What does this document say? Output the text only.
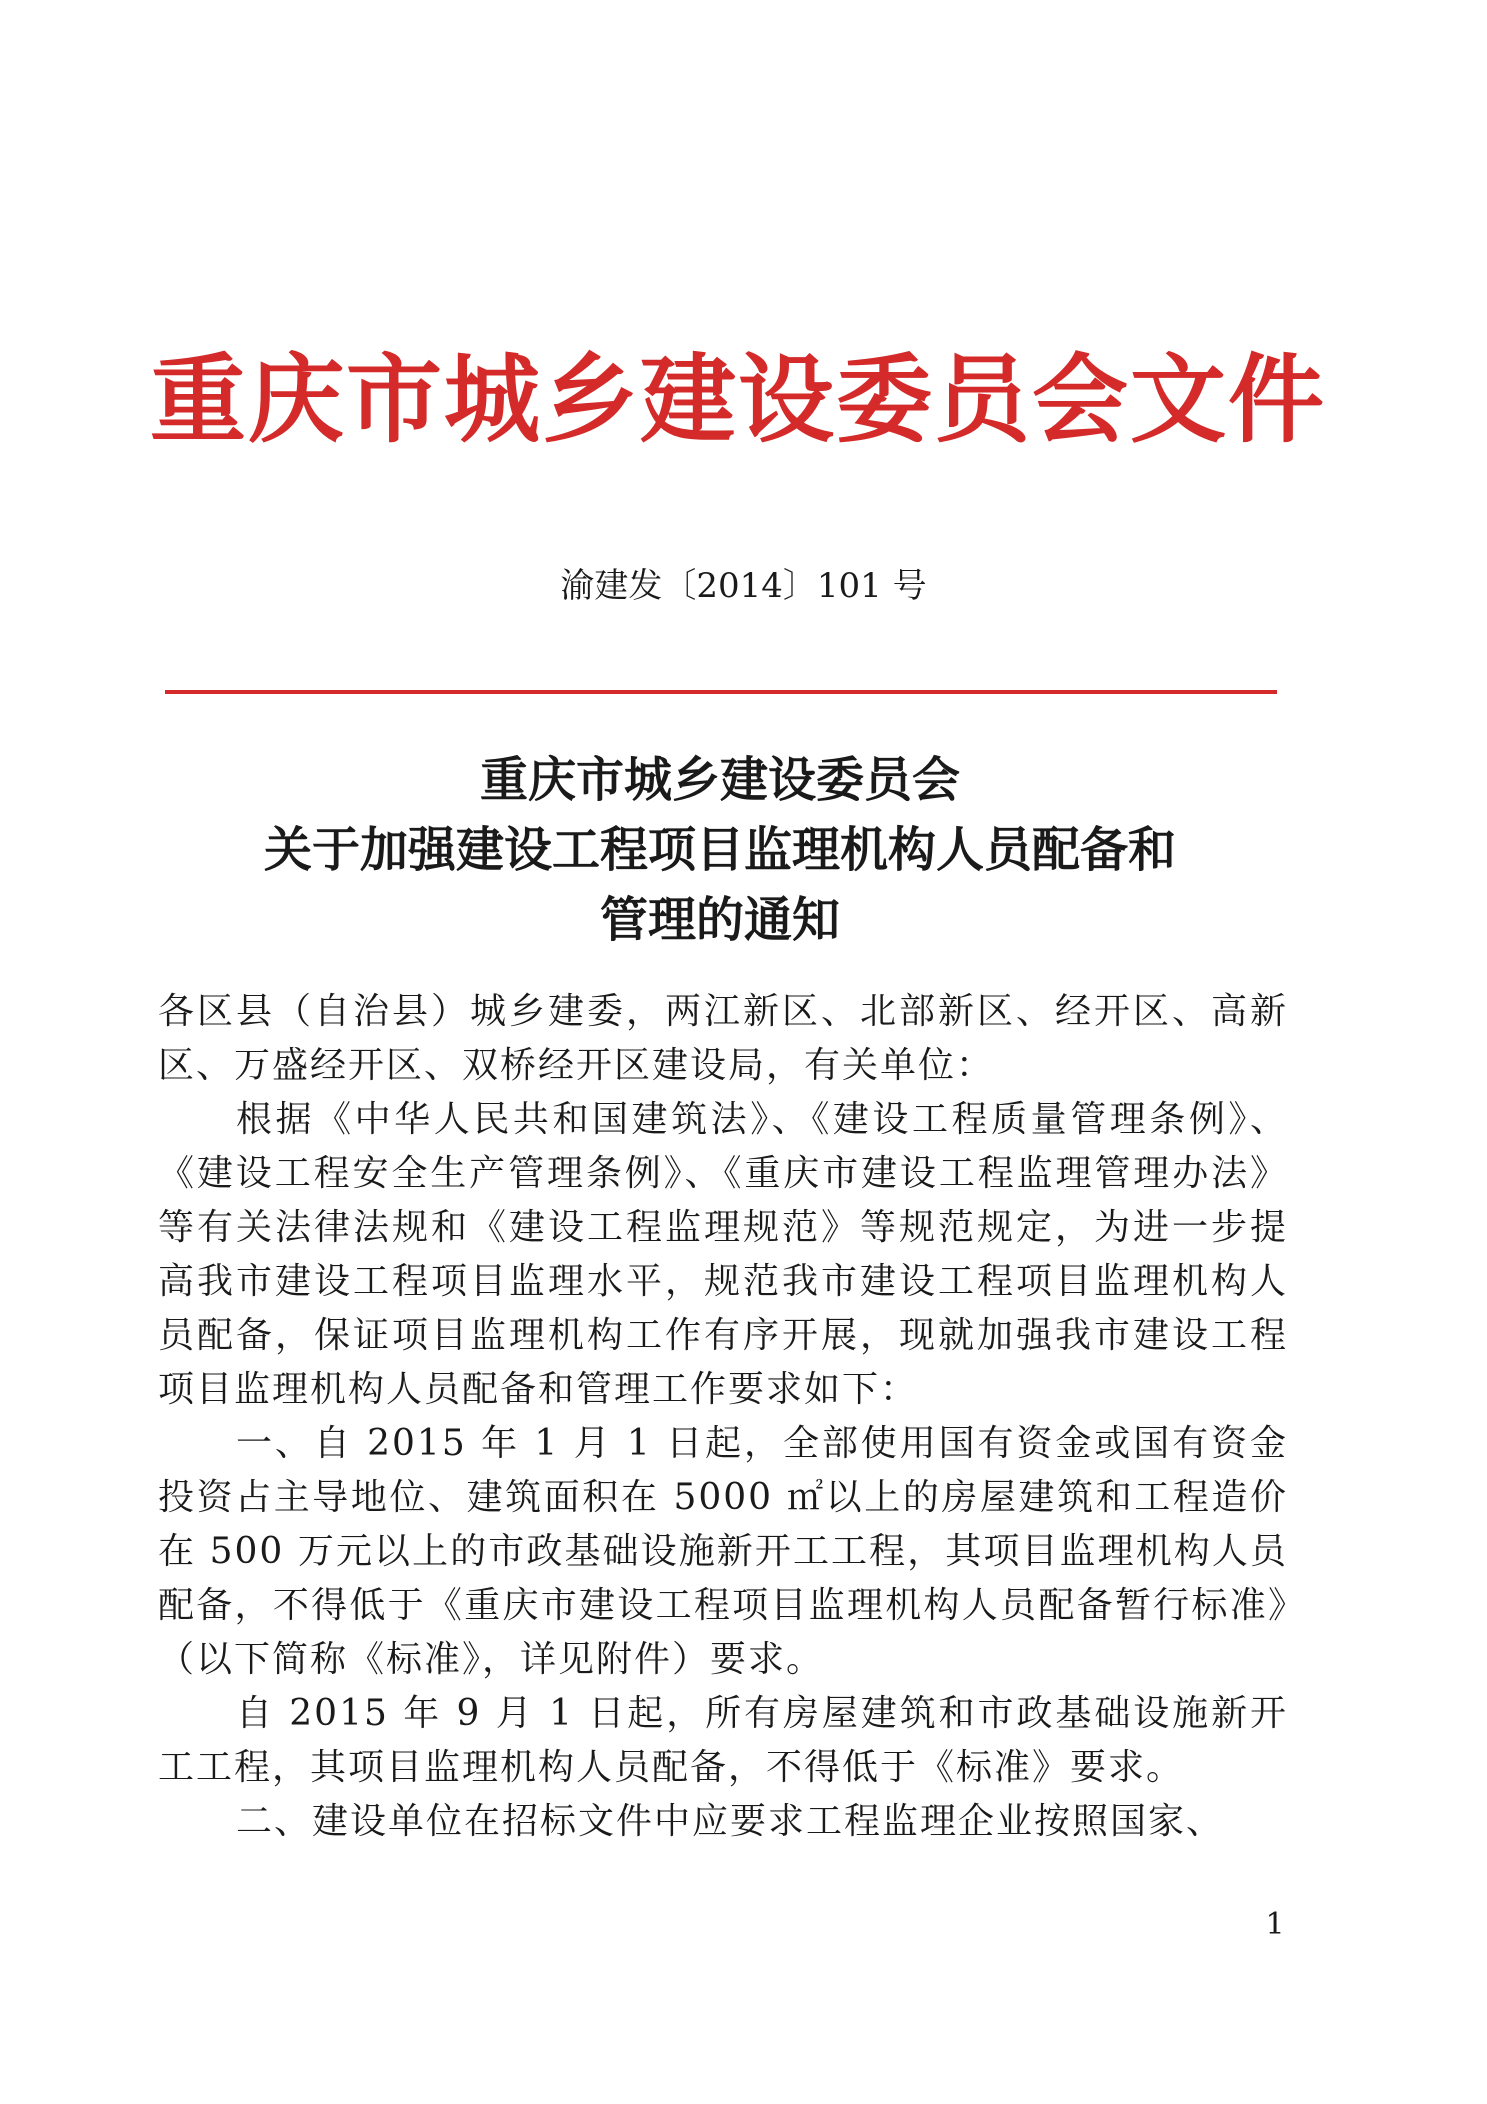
重庆市城乡建设委员会文件
渝建发〔2014〕101 号
重庆市城乡建设委员会
关于加强建设工程项目监理机构人员配备和
管理的通知

各区县（自治县）城乡建委，两江新区、北部新区、经开区、高新区、万盛经开区、双桥经开区建设局，有关单位：

根据《中华人民共和国建筑法》、《建设工程质量管理条例》、《建设工程安全生产管理条例》、《重庆市建设工程监理管理办法》等有关法律法规和《建设工程监理规范》等规范规定，为进一步提高我市建设工程项目监理水平，规范我市建设工程项目监理机构人员配备，保证项目监理机构工作有序开展，现就加强我市建设工程项目监理机构人员配备和管理工作要求如下：

一、自 2015 年 1 月 1 日起，全部使用国有资金或国有资金投资占主导地位、建筑面积在 5000 ㎡以上的房屋建筑和工程造价在 500 万元以上的市政基础设施新开工工程，其项目监理机构人员配备，不得低于《重庆市建设工程项目监理机构人员配备暂行标准》（以下简称《标准》，详见附件）要求。

自 2015 年 9 月 1 日起，所有房屋建筑和市政基础设施新开工工程，其项目监理机构人员配备，不得低于《标准》要求。

二、建设单位在招标文件中应要求工程监理企业按照国家、

1
